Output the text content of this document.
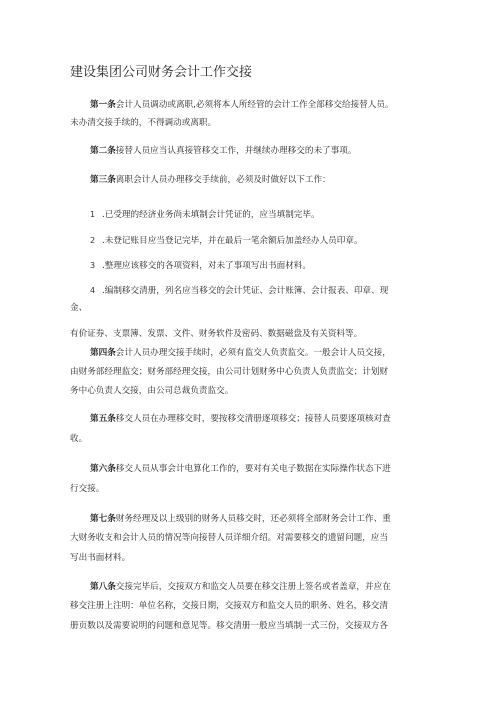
建设集团公司财务会计工作交接
第一条会计人员调动或离职,必须将本人所经管的会计工作全部移交给接替人员。
未办清交接手续的，不得调动或离职。
第二条接替人员应当认真接管移交工作，并继续办理移交的未了事项。
第三条离职会计人员办理移交手续前，必须及时做好以下工作：
1 .已受理的经济业务尚未填制会计凭证的，应当填制完毕。
2 .未登记账目应当登记完毕，并在最后一笔余额后加盖经办人员印章。
3 .整理应该移交的各项资料，对未了事项写出书面材料。
4 .编制移交清册，列名应当移交的会计凭证、会计账簿、会计报表、印章、现
金、
有价证券、支票簿、发票、文件、财务软件及密码、数据磁盘及有关资料等。
第四条会计人员办理交接手续时，必须有监交人负责监交。一般会计人员交接，
由财务部经理监交；财务部经理交接，由公司计划财务中心负责人负责监交；计划财
务中心负责人交接，由公司总裁负责监交。
第五条移交人员在办理移交时，要按移交清册逐项移交；接替人员要逐项核对查
收。
第六条移交人员从事会计电算化工作的，要对有关电子数据在实际操作状态下进
行交接。
第七条财务经理及以上级别的财务人员移交时，还必须将全部财务会计工作、重
大财务收支和会计人员的情况等向接替人员详细介绍。对需要移交的遗留问题，应当
写出书面材料。
第八条交接完毕后，交接双方和监交人员要在移交注册上签名或者盖章，并应在
移交注册上注明：单位名称，交接日期，交接双方和监交人员的职务、姓名，移交清
册页数以及需要说明的问题和意见等。移交清册一般应当填制一式三份，交接双方各
